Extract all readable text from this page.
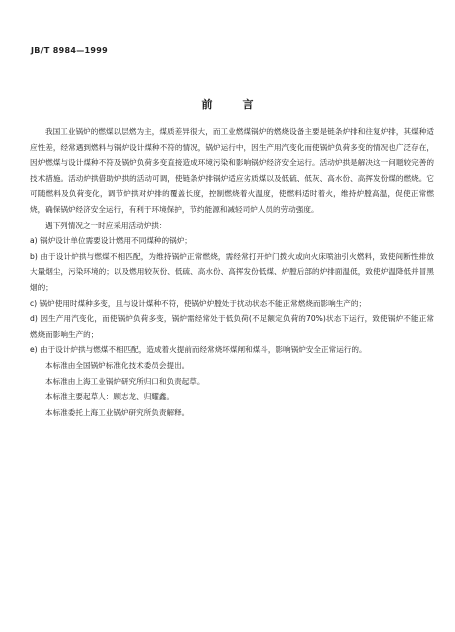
JB/T 8984—1999
前言

我国工业锅炉的燃煤以层燃为主，煤质差异很大，而工业燃煤锅炉的燃烧设备主要是链条炉排和往复炉排，其煤种适应性差，经常遇到燃料与锅炉设计煤种不符的情况，锅炉运行中，因生产用汽变化而使锅炉负荷多变的情况也广泛存在，因炉燃煤与设计煤种不符及锅炉负荷多变直接造成环境污染和影响锅炉经济安全运行。活动炉拱是解决这一问题较完善的技术措施。活动炉拱借助炉拱的活动可调，使链条炉排锅炉适应劣质煤以及低硫、低灰、高水份、高挥发份煤的燃烧。它可随燃料及负荷变化，调节炉拱对炉排的覆盖长度，控制燃烧着火温度，使燃料适时着火，维持炉膛高温，促使正常燃烧，确保锅炉经济安全运行，有利于环境保护，节约能源和减轻司炉人员的劳动强度。

遇下列情况之一时应采用活动炉拱：

a) 锅炉设计单位需要设计燃用不同煤种的锅炉；

b) 由于设计炉拱与燃煤不相匹配，为维持锅炉正常燃烧，需经常打开炉门拨火或向火床喷油引火燃料，致使间断性排放大量烟尘，污染环境的；以及燃用较灰份、低硫、高水份、高挥发份低煤、炉膛后部的炉排面温低，致使炉温降低并冒黑烟的；

c) 锅炉使用时煤种多变，且与设计煤种不符，使锅炉炉膛处于扰动状态不能正常燃烧而影响生产的；

d) 因生产用汽变化，而使锅炉负荷多变，锅炉需经常处于低负荷(不足额定负荷的70%)状态下运行，致使锅炉不能正常燃烧而影响生产的；

e) 由于设计炉拱与燃煤不相匹配，造成着火提前而经常烧坏煤闸和煤斗，影响锅炉安全正常运行的。

本标准由全国锅炉标准化技术委员会提出。

本标准由上海工业锅炉研究所归口和负责起草。

本标准主要起草人：顾志龙、归耀鑫。

本标准委托上海工业锅炉研究所负责解释。
